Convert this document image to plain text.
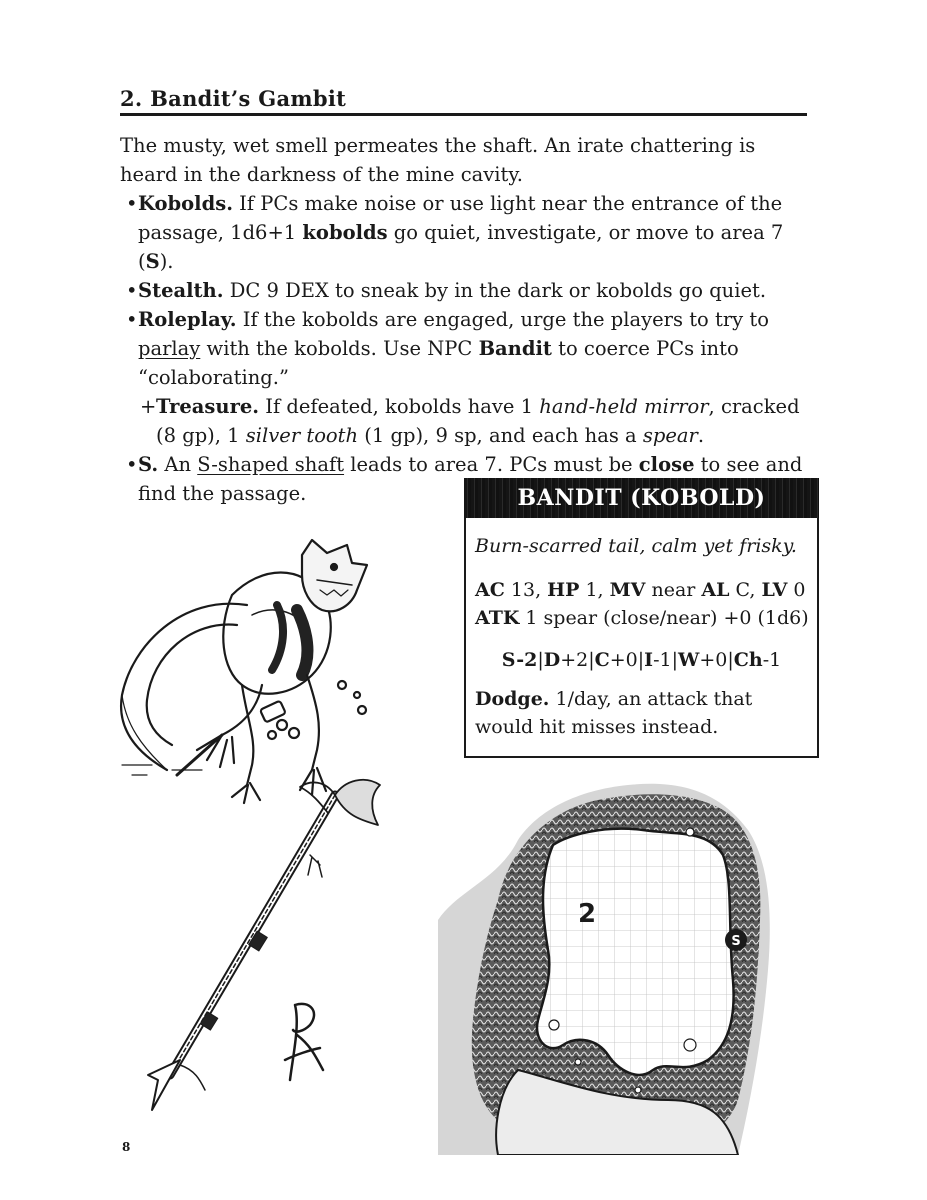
2. Bandit’s Gambit
The musty, wet smell permeates the shaft. An irate chattering is heard in the darkness of the mine cavity.
• Kobolds. If PCs make noise or use light near the entrance of the passage, 1d6+1 kobolds go quiet, investigate, or move to area 7 (S).
• Stealth. DC 9 DEX to sneak by in the dark or kobolds go quiet.
• Roleplay. If the kobolds are engaged, urge the players to try to parlay with the kobolds. Use NPC Bandit to coerce PCs into “colaborating.”
+ Treasure. If defeated, kobolds have 1 hand-held mirror, cracked (8 gp), 1 silver tooth (1 gp), 9 sp, and each has a spear.
• S. An S-shaped shaft leads to area 7. PCs must be close to see and find the passage.	BANDIT (KOBOLD)
Burn-scarred tail, calm yet frisky.
AC 13, HP 1, MV near AL C, LV 0
ATK 1 spear (close/near) +0 (1d6)
S-2|D+2|C+0|I-1|W+0|Ch-1
Dodge. 1/day, an attack that would hit misses instead.
2
S
8
